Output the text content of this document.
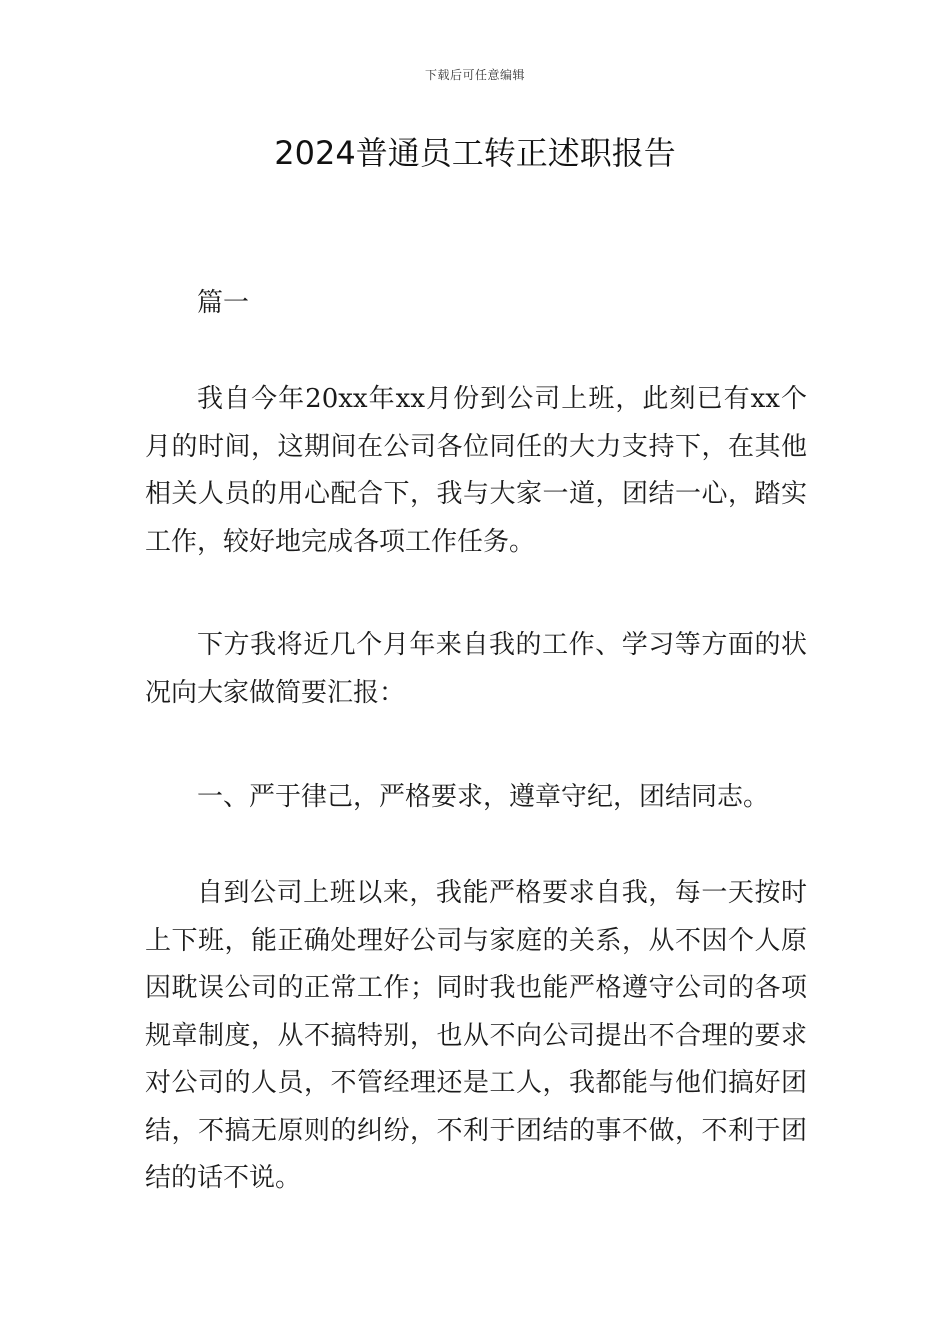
下载后可任意编辑
2024普通员工转正述职报告

篇一

我自今年20xx年xx月份到公司上班，此刻已有xx个月的时间，这期间在公司各位同任的大力支持下，在其他相关人员的用心配合下，我与大家一道，团结一心，踏实工作，较好地完成各项工作任务。

下方我将近几个月年来自我的工作、学习等方面的状况向大家做简要汇报：

一、严于律己，严格要求，遵章守纪，团结同志。

自到公司上班以来，我能严格要求自我，每一天按时上下班，能正确处理好公司与家庭的关系，从不因个人原因耽误公司的正常工作；同时我也能严格遵守公司的各项规章制度，从不搞特别，也从不向公司提出不合理的要求对公司的人员，不管经理还是工人，我都能与他们搞好团结，不搞无原则的纠纷，不利于团结的事不做，不利于团结的话不说。
